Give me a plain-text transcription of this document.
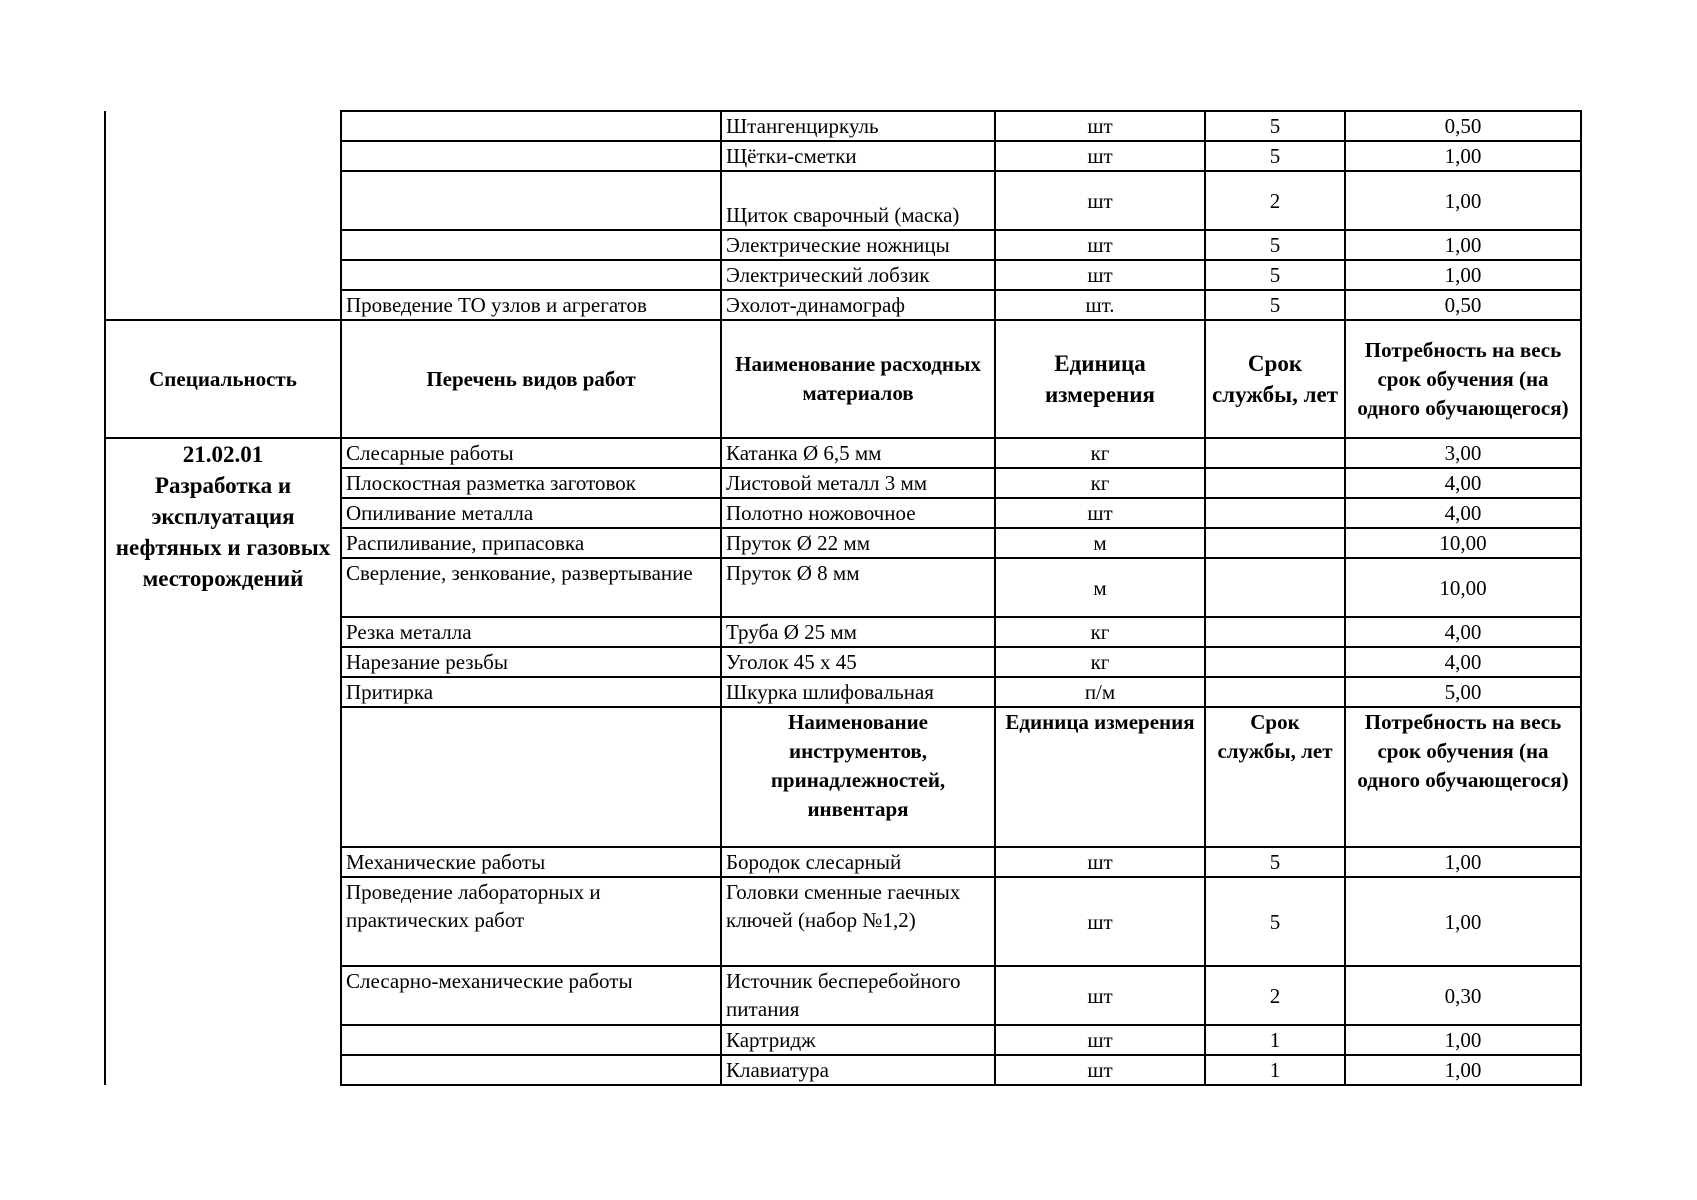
		Штангенциркуль	шт	5	0,50
		Щётки-сметки	шт	5	1,00
		Щиток сварочный (маска)	шт	2	1,00
		Электрические ножницы	шт	5	1,00
		Электрический лобзик	шт	5	1,00
	Проведение ТО узлов и агрегатов	Эхолот-динамограф	шт.	5	0,50
Специальность	Перечень видов работ	Наименование расходных материалов	Единица измерения	Срок службы, лет	Потребность на весь срок обучения (на одного обучающегося)

21.02.01
Разработка и
эксплуатация
нефтяных и газовых
месторождений	Слесарные работы	Катанка Ø 6,5 мм	кг		3,00
	Плоскостная разметка заготовок	Листовой металл 3 мм	кг		4,00
	Опиливание металла	Полотно ножовочное	шт		4,00
	Распиливание, припасовка	Пруток Ø 22 мм	м		10,00
	Сверление, зенкование, развертывание	Пруток Ø 8 мм	м		10,00
	Резка металла	Труба Ø 25 мм	кг		4,00
	Нарезание резьбы	Уголок 45 х 45	кг		4,00
	Притирка	Шкурка шлифовальная	п/м		5,00
		Наименование инструментов, принадлежностей, инвентаря	Единица измерения	Срок службы, лет	Потребность на весь срок обучения (на одного обучающегося)
	Механические работы	Бородок слесарный	шт	5	1,00
	Проведение лабораторных и практических работ	Головки сменные гаечных ключей (набор №1,2)	шт	5	1,00
	Слесарно-механические работы	Источник бесперебойного питания	шт	2	0,30
		Картридж	шт	1	1,00
		Клавиатура	шт	1	1,00
